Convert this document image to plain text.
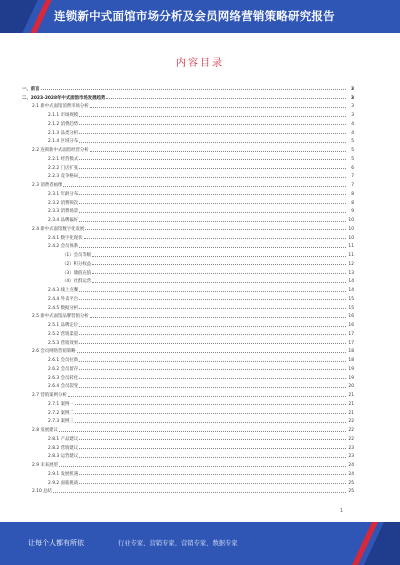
连锁新中式面馆市场分析及会员网络营销策略研究报告
内容目录
一、前言	3
二、2023-2028年中式面馆市场发展趋势	3
2.1 新中式面馆消费市场分析	3
2.1.1 市场规模	3
2.1.2 消费趋势	4
2.1.3 品类分析	4
2.1.4 区域分布	5
2.2 连锁新中式面馆经营分析	5
2.2.1 经营模式	5
2.2.2 门店扩张	6
2.2.3 竞争格局	7
2.3 消费者画像	7
2.3.1 年龄分布	8
2.3.2 消费频次	8
2.3.3 消费场景	9
2.3.4 品牌偏好	10
2.4 新中式面馆数字化发展	10
2.4.1 数字化现状	10
2.4.2 会员体系	11
（1）会员等级	11
（2）积分权益	12
（3）储值充值	13
（4）社群运营	14
2.4.3 线上点餐	14
2.4.4 外卖平台	15
2.4.5 数据分析	15
2.5 新中式面馆品牌营销分析	16
2.5.1 品牌定位	16
2.5.2 营销渠道	17
2.5.3 营销效果	17
2.6 会员网络营销策略	18
2.6.1 会员拉新	18
2.6.2 会员留存	19
2.6.3 会员转化	19
2.6.4 会员裂变	20
2.7 营销案例分析	21
2.7.1 案例一	21
2.7.2 案例二	21
2.7.3 案例三	22
2.8 发展建议	22
2.8.1 产品建议	22
2.8.2 营销建议	23
2.8.3 运营建议	23
2.9 未来展望	24
2.9.1 发展机遇	24
2.9.2 面临挑战	25
2.10 总结	25
1
让每个人都有所依	行业专家、营销专家、营销专家、数据专家
